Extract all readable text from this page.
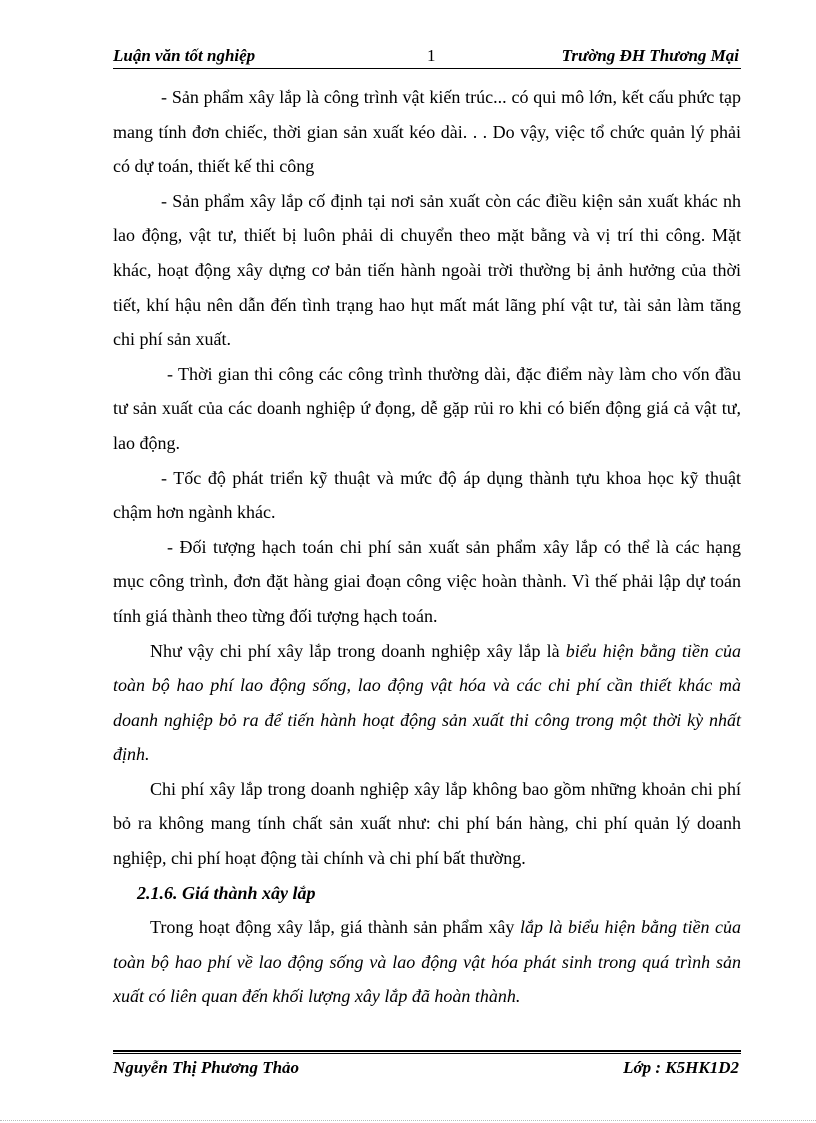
Luận văn tốt nghiệp	1	Trường ĐH Thương Mại

- Sản phẩm xây lắp là công trình vật kiến trúc... có qui mô lớn, kết cấu phức tạp mang tính đơn chiếc, thời gian sản xuất kéo dài. . . Do vậy, việc tổ chức quản lý phải có dự toán, thiết kế thi công

- Sản phẩm xây lắp cố định tại nơi sản xuất còn các điều kiện sản xuất khác nh lao động, vật tư, thiết bị luôn phải di chuyển theo mặt bằng và vị trí thi công. Mặt khác, hoạt động xây dựng cơ bản tiến hành ngoài trời thường bị ảnh hưởng của thời tiết, khí hậu nên dẫn đến tình trạng hao hụt mất mát lãng phí vật tư, tài sản làm tăng chi phí sản xuất.

- Thời gian thi công các công trình thường dài, đặc điểm này làm cho vốn đầu tư sản xuất của các doanh nghiệp ứ đọng, dễ gặp rủi ro khi có biến động giá cả vật tư, lao động.

- Tốc độ phát triển kỹ thuật và mức độ áp dụng thành tựu khoa học kỹ thuật chậm hơn ngành khác.

- Đối tượng hạch toán chi phí sản xuất sản phẩm xây lắp có thể là các hạng mục công trình, đơn đặt hàng giai đoạn công việc hoàn thành. Vì thế phải lập dự toán tính giá thành theo từng đối tượng hạch toán.

Như vậy chi phí xây lắp trong doanh nghiệp xây lắp là biểu hiện bằng tiền của toàn bộ hao phí lao động sống, lao động vật hóa và các chi phí cần thiết khác mà doanh nghiệp bỏ ra để tiến hành hoạt động sản xuất thi công trong một thời kỳ nhất định.

Chi phí xây lắp trong doanh nghiệp xây lắp không bao gồm những khoản chi phí bỏ ra không mang tính chất sản xuất như: chi phí bán hàng, chi phí quản lý doanh nghiệp, chi phí hoạt động tài chính và chi phí bất thường.

2.1.6. Giá thành xây lắp

Trong hoạt động xây lắp, giá thành sản phẩm xây lắp là biểu hiện bằng tiền của toàn bộ hao phí về lao động sống và lao động vật hóa phát sinh trong quá trình sản xuất có liên quan đến khối lượng xây lắp đã hoàn thành.

Nguyễn Thị Phương Thảo	Lớp : K5HK1D2
